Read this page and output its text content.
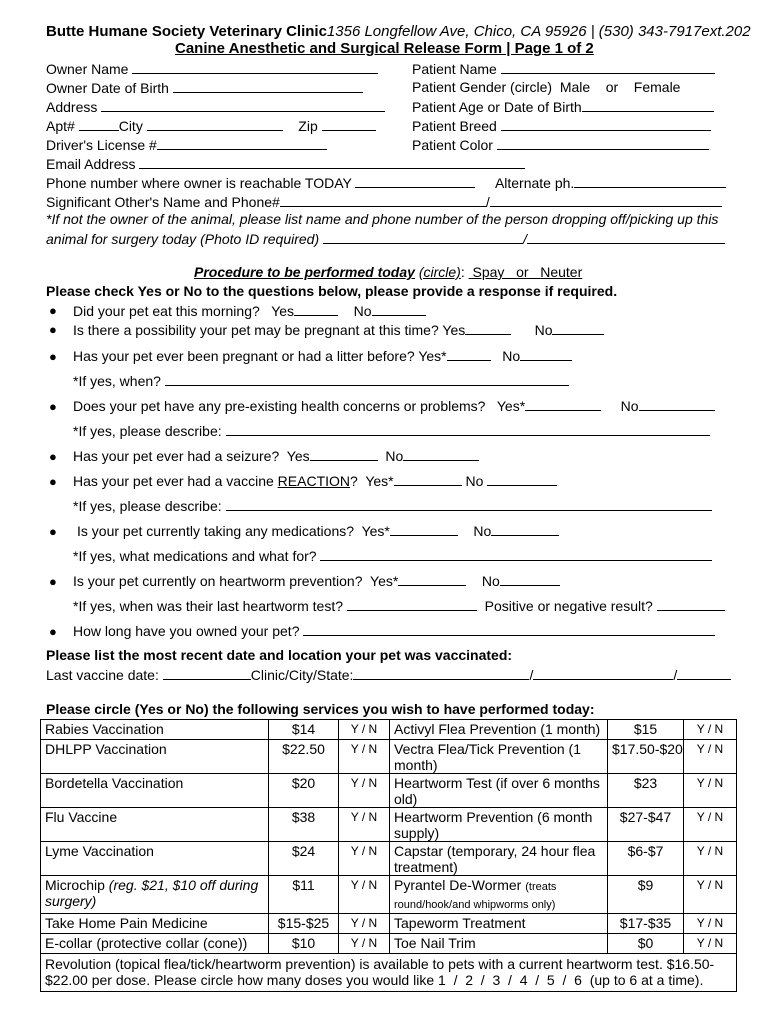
Butte Humane Society Veterinary Clinic1356 Longfellow Ave, Chico, CA 95926 | (530) 343-7917ext.202
Canine Anesthetic and Surgical Release Form | Page 1 of 2
Owner Name	Patient Name
Owner Date of Birth	Patient Gender (circle) Male or Female
Address	Patient Age or Date of Birth
Apt#	City	Zip	Patient Breed
Driver's License #	Patient Color
Email Address
Phone number where owner is reachable TODAY	Alternate ph.
Significant Other's Name and Phone#	/
*If not the owner of the animal, please list name and phone number of the person dropping off/picking up this
animal for surgery today (Photo ID required)	/
Procedure to be performed today (circle): Spay or Neuter
Please check Yes or No to the questions below, please provide a response if required.
● Did your pet eat this morning? Yes	No
● Is there a possibility your pet may be pregnant at this time? Yes	No
● Has your pet ever been pregnant or had a litter before? Yes*	No
*If yes, when?
● Does your pet have any pre-existing health concerns or problems? Yes*	No
*If yes, please describe:
● Has your pet ever had a seizure? Yes	No
● Has your pet ever had a vaccine REACTION? Yes*	No
*If yes, please describe:
● Is your pet currently taking any medications? Yes*	No
*If yes, what medications and what for?
● Is your pet currently on heartworm prevention? Yes*	No
*If yes, when was their last heartworm test?	Positive or negative result?
● How long have you owned your pet?
Please list the most recent date and location your pet was vaccinated:
Last vaccine date:	Clinic/City/State:	/	/
Please circle (Yes or No) the following services you wish to have performed today:
Rabies Vaccination	$14	Y / N	Activyl Flea Prevention (1 month)	$15	Y / N
DHLPP Vaccination	$22.50	Y / N	Vectra Flea/Tick Prevention (1 month)	$17.50-$20	Y / N
Bordetella Vaccination	$20	Y / N	Heartworm Test (if over 6 months old)	$23	Y / N
Flu Vaccine	$38	Y / N	Heartworm Prevention (6 month supply)	$27-$47	Y / N
Lyme Vaccination	$24	Y / N	Capstar (temporary, 24 hour flea treatment)	$6-$7	Y / N
Microchip (reg. $21, $10 off during surgery)	$11	Y / N	Pyrantel De-Wormer (treats round/hook/and whipworms only)	$9	Y / N
Take Home Pain Medicine	$15-$25	Y / N	Tapeworm Treatment	$17-$35	Y / N
E-collar (protective collar (cone))	$10	Y / N	Toe Nail Trim	$0	Y / N

Revolution (topical flea/tick/heartworm prevention) is available to pets with a current heartworm test. $16.50-
$22.00 per dose. Please circle how many doses you would like 1  /  2  /  3  /  4  /  5  /  6  (up to 6 at a time).					
